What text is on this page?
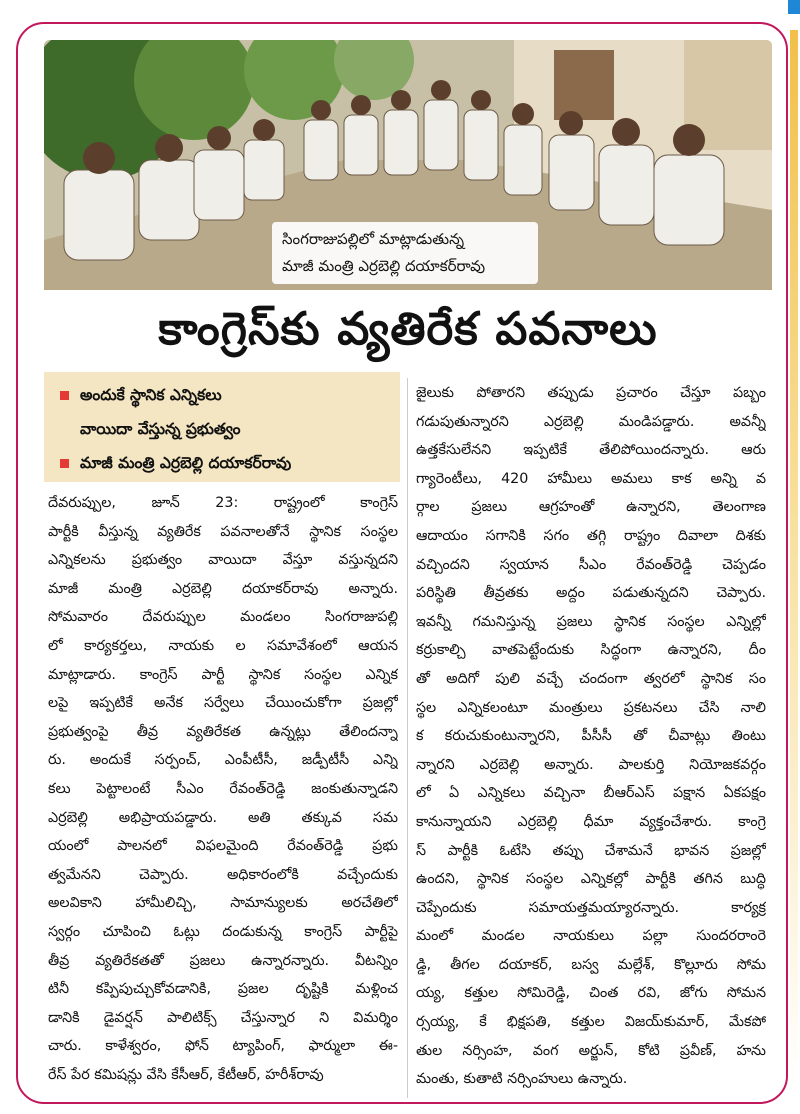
సింగరాజుపల్లిలో మాట్లాడుతున్న
మాజీ మంత్రి ఎర్రబెల్లి దయాకర్‌రావు
కాంగ్రెస్‌కు వ్యతిరేక పవనాలు
అందుకే స్థానిక ఎన్నికలు
వాయిదా వేస్తున్న ప్రభుత్వం
మాజీ మంత్రి ఎర్రబెల్లి దయాకర్‌రావు
దేవరుప్పుల, జూన్ 23: రాష్ట్రంలో కాంగ్రెస్
పార్టీకి వీస్తున్న వ్యతిరేక పవనాలతోనే స్థానిక సంస్థల
ఎన్నికలను ప్రభుత్వం వాయిదా వేస్తూ వస్తున్నదని
మాజీ మంత్రి ఎర్రబెల్లి దయాకర్‌రావు అన్నారు.
సోమవారం దేవరుప్పుల మండలం సింగరాజుపల్లి
లో కార్యకర్తలు, నాయకు ల సమావేశంలో ఆయన
మాట్లాడారు. కాంగ్రెస్ పార్టీ స్థానిక సంస్థల ఎన్నిక
లపై ఇప్పటికే అనేక సర్వేలు చేయించుకోగా ప్రజల్లో
ప్రభుత్వంపై తీవ్ర వ్యతిరేకత ఉన్నట్లు తేలిందన్నా
రు. అందుకే సర్పంచ్, ఎంపీటీసీ, జడ్పీటీసీ ఎన్ని
కలు పెట్టాలంటే సీఎం రేవంత్‌రెడ్డి జంకుతున్నాడని
ఎర్రబెల్లి అభిప్రాయపడ్డారు. అతి తక్కువ సమ
యంలో పాలనలో విఫలమైంది రేవంత్‌రెడ్డి ప్రభు
త్వమేనని చెప్పారు. అధికారంలోకి వచ్చేందుకు
అలవికాని హామీలిచ్చి, సామాన్యులకు అరచేతిలో
స్వర్గం చూపించి ఓట్లు దండుకున్న కాంగ్రెస్ పార్టీపై
తీవ్ర వ్యతిరేకతతో ప్రజలు ఉన్నారన్నారు. వీటన్నిం
టినీ కప్పిపుచ్చుకోవడానికి, ప్రజల దృష్టికి మళ్లించ
డానికి డైవర్షన్ పాలిటిక్స్ చేస్తున్నార ని విమర్శిం
చారు. కాళేశ్వరం, ఫోన్ ట్యాపింగ్, ఫార్ములా ఈ-
రేస్ పేర కమిషన్లు వేసి కేసీఆర్, కేటీఆర్, హరీశ్‌రావు
జైలుకు పోతారని తప్పుడు ప్రచారం చేస్తూ పబ్బం
గడుపుతున్నారని ఎర్రబెల్లి మండిపడ్డారు. అవన్నీ
ఉత్తకేసులేనని ఇప్పటికే తేలిపోయిందన్నారు. ఆరు
గ్యారెంటీలు, 420 హామీలు అమలు కాక అన్ని వ
ర్గాల ప్రజలు ఆగ్రహంతో ఉన్నారని, తెలంగాణ
ఆదాయం సగానికి సగం తగ్గి రాష్ట్రం దివాలా దిశకు
వచ్చిందని స్వయాన సీఎం రేవంత్‌రెడ్డి చెప్పడం
పరిస్థితి తీవ్రతకు అద్దం పడుతున్నదని చెప్పారు.
ఇవన్నీ గమనిస్తున్న ప్రజలు స్థానిక సంస్థల ఎన్నిల్లో
కర్రుకాల్చి వాతపెట్టేందుకు సిద్ధంగా ఉన్నారని, దీం
తో అదిగో పులి వచ్చే చందంగా త్వరలో స్థానిక సం
స్థల ఎన్నికలంటూ మంత్రులు ప్రకటనలు చేసి నాలి
క కరుచుకుంటున్నారని, పీసీసీ తో చీవాట్లు తింటు
న్నారని ఎర్రబెల్లి అన్నారు. పాలకుర్తి నియోజకవర్గం
లో ఏ ఎన్నికలు వచ్చినా బీఆర్‌ఎస్ పక్షాన ఏకపక్షం
కానున్నాయని ఎర్రబెల్లి ధీమా వ్యక్తంచేశారు. కాంగ్రె
స్ పార్టీకి ఓటేసి తప్పు చేశామనే భావన ప్రజల్లో
ఉందని, స్థానిక సంస్థల ఎన్నికల్లో పార్టీకి తగిన బుద్ధి
చెప్పేందుకు సమాయత్తమయ్యారన్నారు. కార్యక్ర
మంలో మండల నాయకులు పల్లా సుందరరాంరె
డ్డి, తీగల దయాకర్, బస్వ మల్లేశ్, కొల్లూరు సోమ
య్య, కత్తుల సోమిరెడ్డి, చింత రవి, జోగు సోమన
ర్సయ్య, కే భిక్షపతి, కత్తుల విజయ్‌కుమార్, మేకపో
తుల నర్సింహ, వంగ అర్జున్, కోటి ప్రవీణ్, హను
మంతు, కుతాటి నర్సింహులు ఉన్నారు.
